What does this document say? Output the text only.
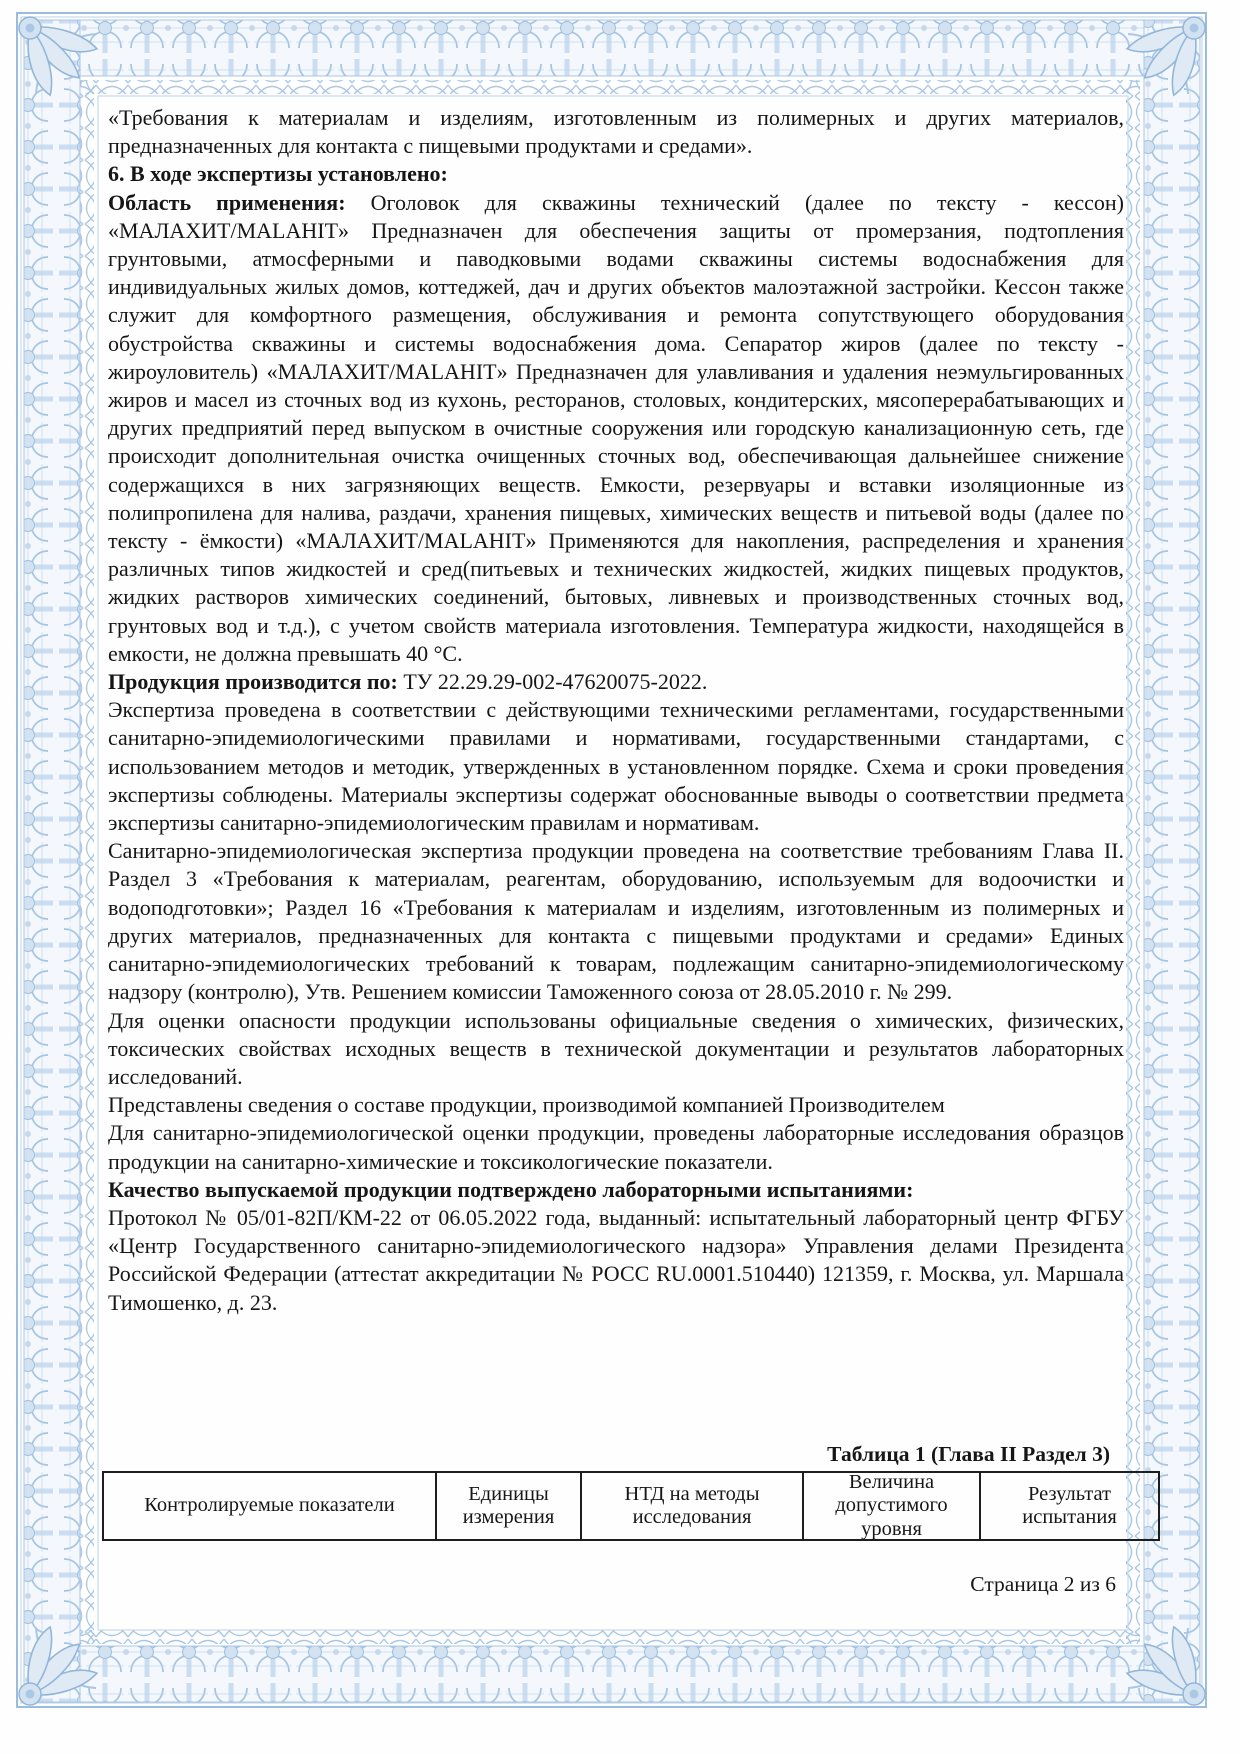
«Требования к материалам и изделиям, изготовленным из полимерных и других материалов, предназначенных для контакта с пищевыми продуктами и средами».

6. В ходе экспертизы установлено:

Область применения: Оголовок для скважины технический (далее по тексту - кессон) «МАЛАХИТ/MALAHIT» Предназначен для обеспечения защиты от промерзания, подтопления грунтовыми, атмосферными и паводковыми водами скважины системы водоснабжения для индивидуальных жилых домов, коттеджей, дач и других объектов малоэтажной застройки. Кессон также служит для комфортного размещения, обслуживания и ремонта сопутствующего оборудования обустройства скважины и системы водоснабжения дома. Сепаратор жиров (далее по тексту - жироуловитель) «МАЛАХИТ/MALAHIT» Предназначен для улавливания и удаления неэмульгированных жиров и масел из сточных вод из кухонь, ресторанов, столовых, кондитерских, мясоперерабатывающих и других предприятий перед выпуском в очистные сооружения или городскую канализационную сеть, где происходит дополнительная очистка очищенных сточных вод, обеспечивающая дальнейшее снижение содержащихся в них загрязняющих веществ. Емкости, резервуары и вставки изоляционные из полипропилена для налива, раздачи, хранения пищевых, химических веществ и питьевой воды (далее по тексту - ёмкости) «МАЛАХИТ/MALAHIT» Применяются для накопления, распределения и хранения различных типов жидкостей и сред(питьевых и технических жидкостей, жидких пищевых продуктов, жидких растворов химических соединений, бытовых, ливневых и производственных сточных вод, грунтовых вод и т.д.), с учетом свойств материала изготовления. Температура жидкости, находящейся в емкости, не должна превышать 40 °С.

Продукция производится по: ТУ 22.29.29-002-47620075-2022.

Экспертиза проведена в соответствии с действующими техническими регламентами, государственными санитарно-эпидемиологическими правилами и нормативами, государственными стандартами, с использованием методов и методик, утвержденных в установленном порядке. Схема и сроки проведения экспертизы соблюдены. Материалы экспертизы содержат обоснованные выводы о соответствии предмета экспертизы санитарно-эпидемиологическим правилам и нормативам.

Санитарно-эпидемиологическая экспертиза продукции проведена на соответствие требованиям Глава II. Раздел 3 «Требования к материалам, реагентам, оборудованию, используемым для водоочистки и водоподготовки»; Раздел 16 «Требования к материалам и изделиям, изготовленным из полимерных и других материалов, предназначенных для контакта с пищевыми продуктами и средами» Единых санитарно-эпидемиологических требований к товарам, подлежащим санитарно-эпидемиологическому надзору (контролю), Утв. Решением комиссии Таможенного союза от 28.05.2010 г. № 299.

Для оценки опасности продукции использованы официальные сведения о химических, физических, токсических свойствах исходных веществ в технической документации и результатов лабораторных исследований.

Представлены сведения о составе продукции, производимой компанией Производителем

Для санитарно-эпидемиологической оценки продукции, проведены лабораторные исследования образцов продукции на санитарно-химические и токсикологические показатели.

Качество выпускаемой продукции подтверждено лабораторными испытаниями:

Протокол № 05/01-82П/КМ-22 от 06.05.2022 года, выданный: испытательный лабораторный центр ФГБУ «Центр Государственного санитарно-эпидемиологического надзора» Управления делами Президента Российской Федерации (аттестат аккредитации № РОСС RU.0001.510440) 121359, г. Москва, ул. Маршала Тимошенко, д. 23.

Таблица 1 (Глава II Раздел 3)
Контролируемые показатели
Единицы измерения
НТД на методы исследования
Величина допустимого уровня
Результат испытания
Страница 2 из 6
